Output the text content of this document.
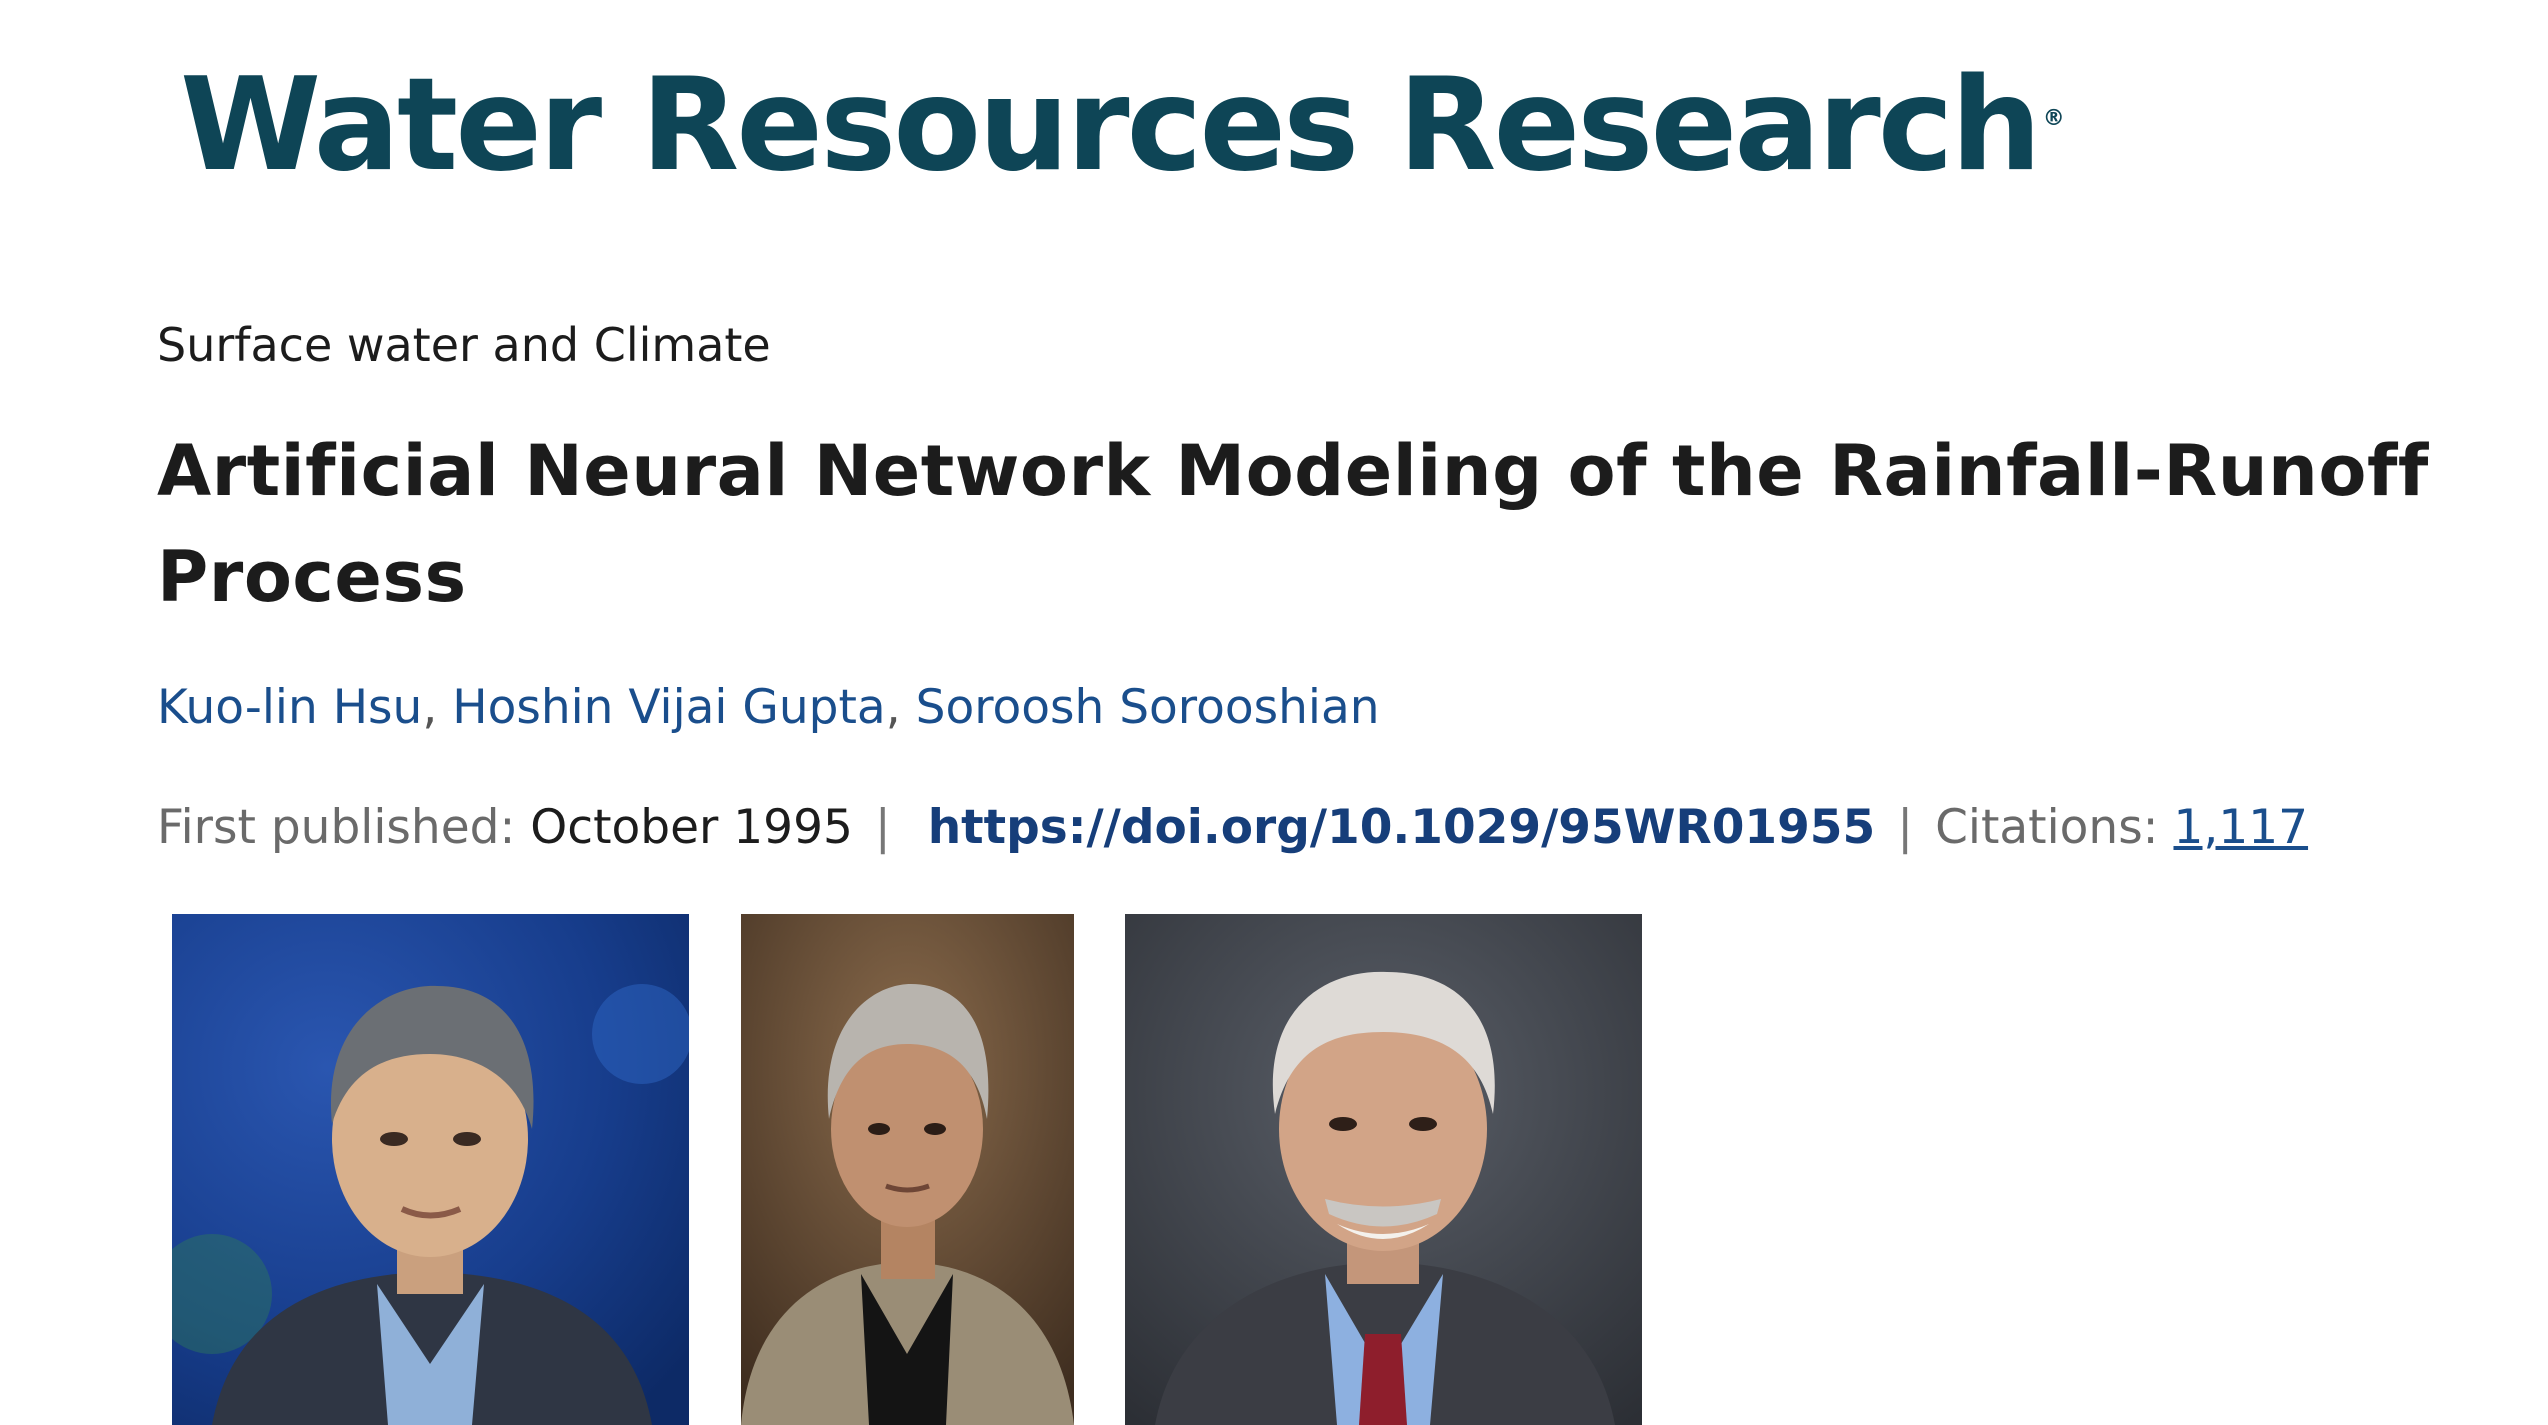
Water Resources Research ®
Surface water and Climate
Artificial Neural Network Modeling of the Rainfall-Runoff Process
Kuo-lin Hsu, Hoshin Vijai Gupta, Soroosh Sorooshian
First published: October 1995 | https://doi.org/10.1029/95WR01955 | Citations: 1,117
